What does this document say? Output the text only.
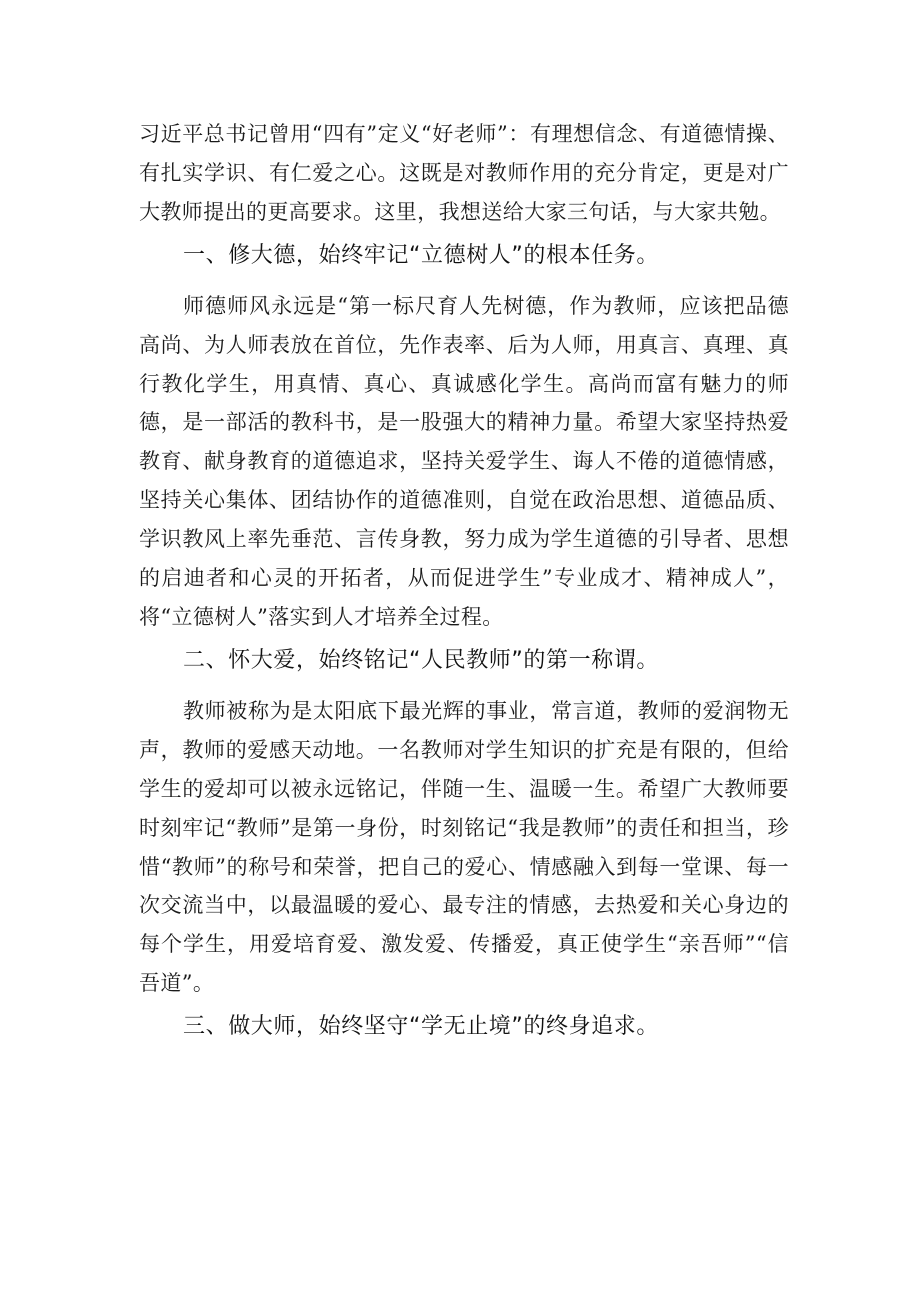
习近平总书记曾用“四有”定义“好老师”：有理想信念、有道德情操、有扎实学识、有仁爱之心。这既是对教师作用的充分肯定，更是对广大教师提出的更高要求。这里，我想送给大家三句话，与大家共勉。

一、修大德，始终牢记“立德树人”的根本任务。

师德师风永远是“第一标尺育人先树德，作为教师，应该把品德高尚、为人师表放在首位，先作表率、后为人师，用真言、真理、真行教化学生，用真情、真心、真诚感化学生。高尚而富有魅力的师德，是一部活的教科书，是一股强大的精神力量。希望大家坚持热爱教育、献身教育的道德追求，坚持关爱学生、诲人不倦的道德情感，坚持关心集体、团结协作的道德准则，自觉在政治思想、道德品质、学识教风上率先垂范、言传身教，努力成为学生道德的引导者、思想的启迪者和心灵的开拓者，从而促进学生”专业成才、精神成人”，将“立德树人”落实到人才培养全过程。

二、怀大爱，始终铭记“人民教师”的第一称谓。

教师被称为是太阳底下最光辉的事业，常言道，教师的爱润物无声，教师的爱感天动地。一名教师对学生知识的扩充是有限的，但给学生的爱却可以被永远铭记，伴随一生、温暖一生。希望广大教师要时刻牢记“教师”是第一身份，时刻铭记“我是教师”的责任和担当，珍惜“教师”的称号和荣誉，把自己的爱心、情感融入到每一堂课、每一次交流当中，以最温暖的爱心、最专注的情感，去热爱和关心身边的每个学生，用爱培育爱、激发爱、传播爱，真正使学生“亲吾师”“信吾道”。

三、做大师，始终坚守“学无止境”的终身追求。
